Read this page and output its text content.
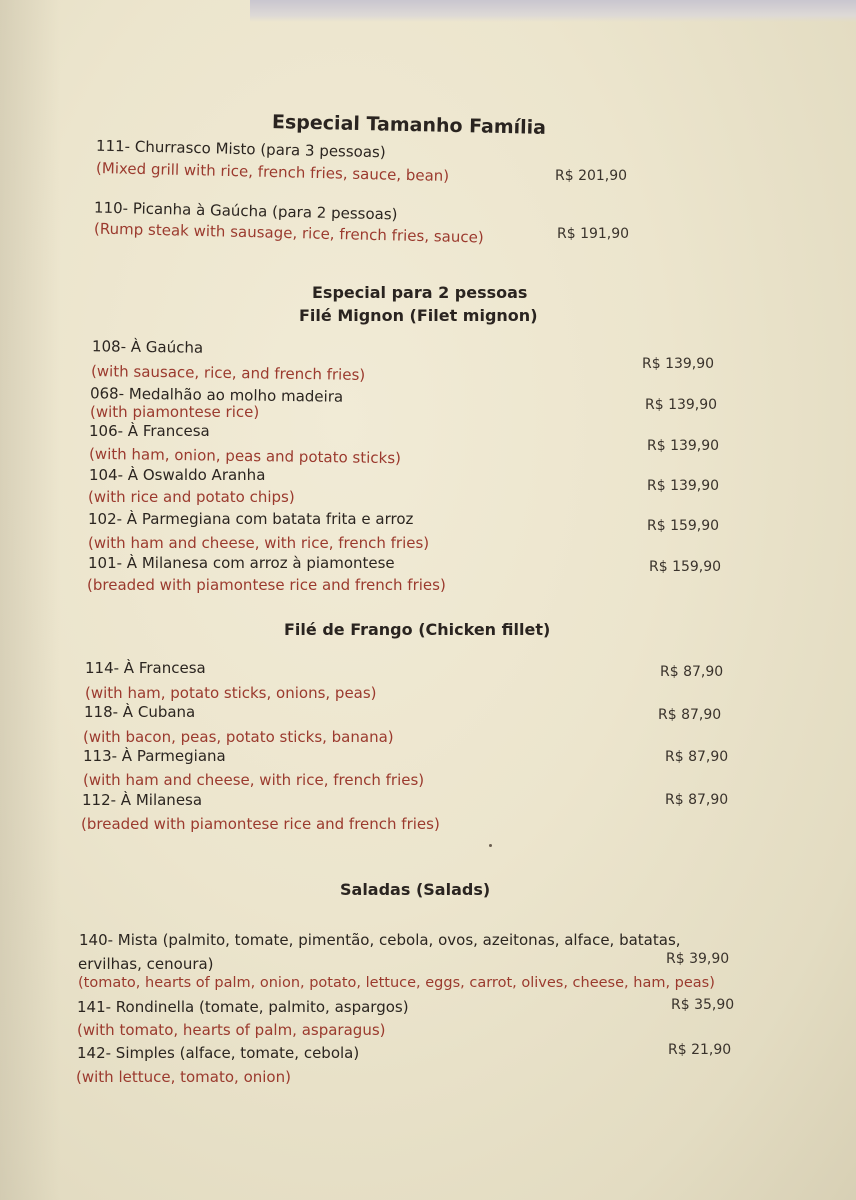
Especial Tamanho Família
111- Churrasco Misto (para 3 pessoas)
(Mixed grill with rice, french fries, sauce, bean)	R$ 201,90
110- Picanha à Gaúcha (para 2 pessoas)
(Rump steak with sausage, rice, french fries, sauce)	R$ 191,90
Especial para 2 pessoas
Filé Mignon (Filet mignon)
108- À Gaúcha
(with sausace, rice, and french fries)	R$ 139,90
068- Medalhão ao molho madeira
(with piamontese rice)	R$ 139,90
106- À Francesa
(with ham, onion, peas and potato sticks)	R$ 139,90
104- À Oswaldo Aranha
(with rice and potato chips)
R$ 139,90
102- À Parmegiana com batata frita e arroz
(with ham and cheese, with rice, french fries)
R$ 159,90
101- À Milanesa com arroz à piamontese
(breaded with piamontese rice and french fries)
R$ 159,90
Filé de Frango (Chicken fillet)
114- À Francesa
(with ham, potato sticks, onions, peas)
R$ 87,90
118- À Cubana
(with bacon, peas, potato sticks, banana)
R$ 87,90
113- À Parmegiana
(with ham and cheese, with rice, french fries)
R$ 87,90
112- À Milanesa
(breaded with piamontese rice and french fries)
R$ 87,90
Saladas (Salads)
140- Mista (palmito, tomate, pimentão, cebola, ovos, azeitonas, alface, batatas,
ervilhas, cenoura)
(tomato, hearts of palm, onion, potato, lettuce, eggs, carrot, olives, cheese, ham, peas)
R$ 39,90
141- Rondinella (tomate, palmito, aspargos)
(with tomato, hearts of palm, asparagus)
R$ 35,90
142- Simples (alface, tomate, cebola)
(with lettuce, tomato, onion)
R$ 21,90
